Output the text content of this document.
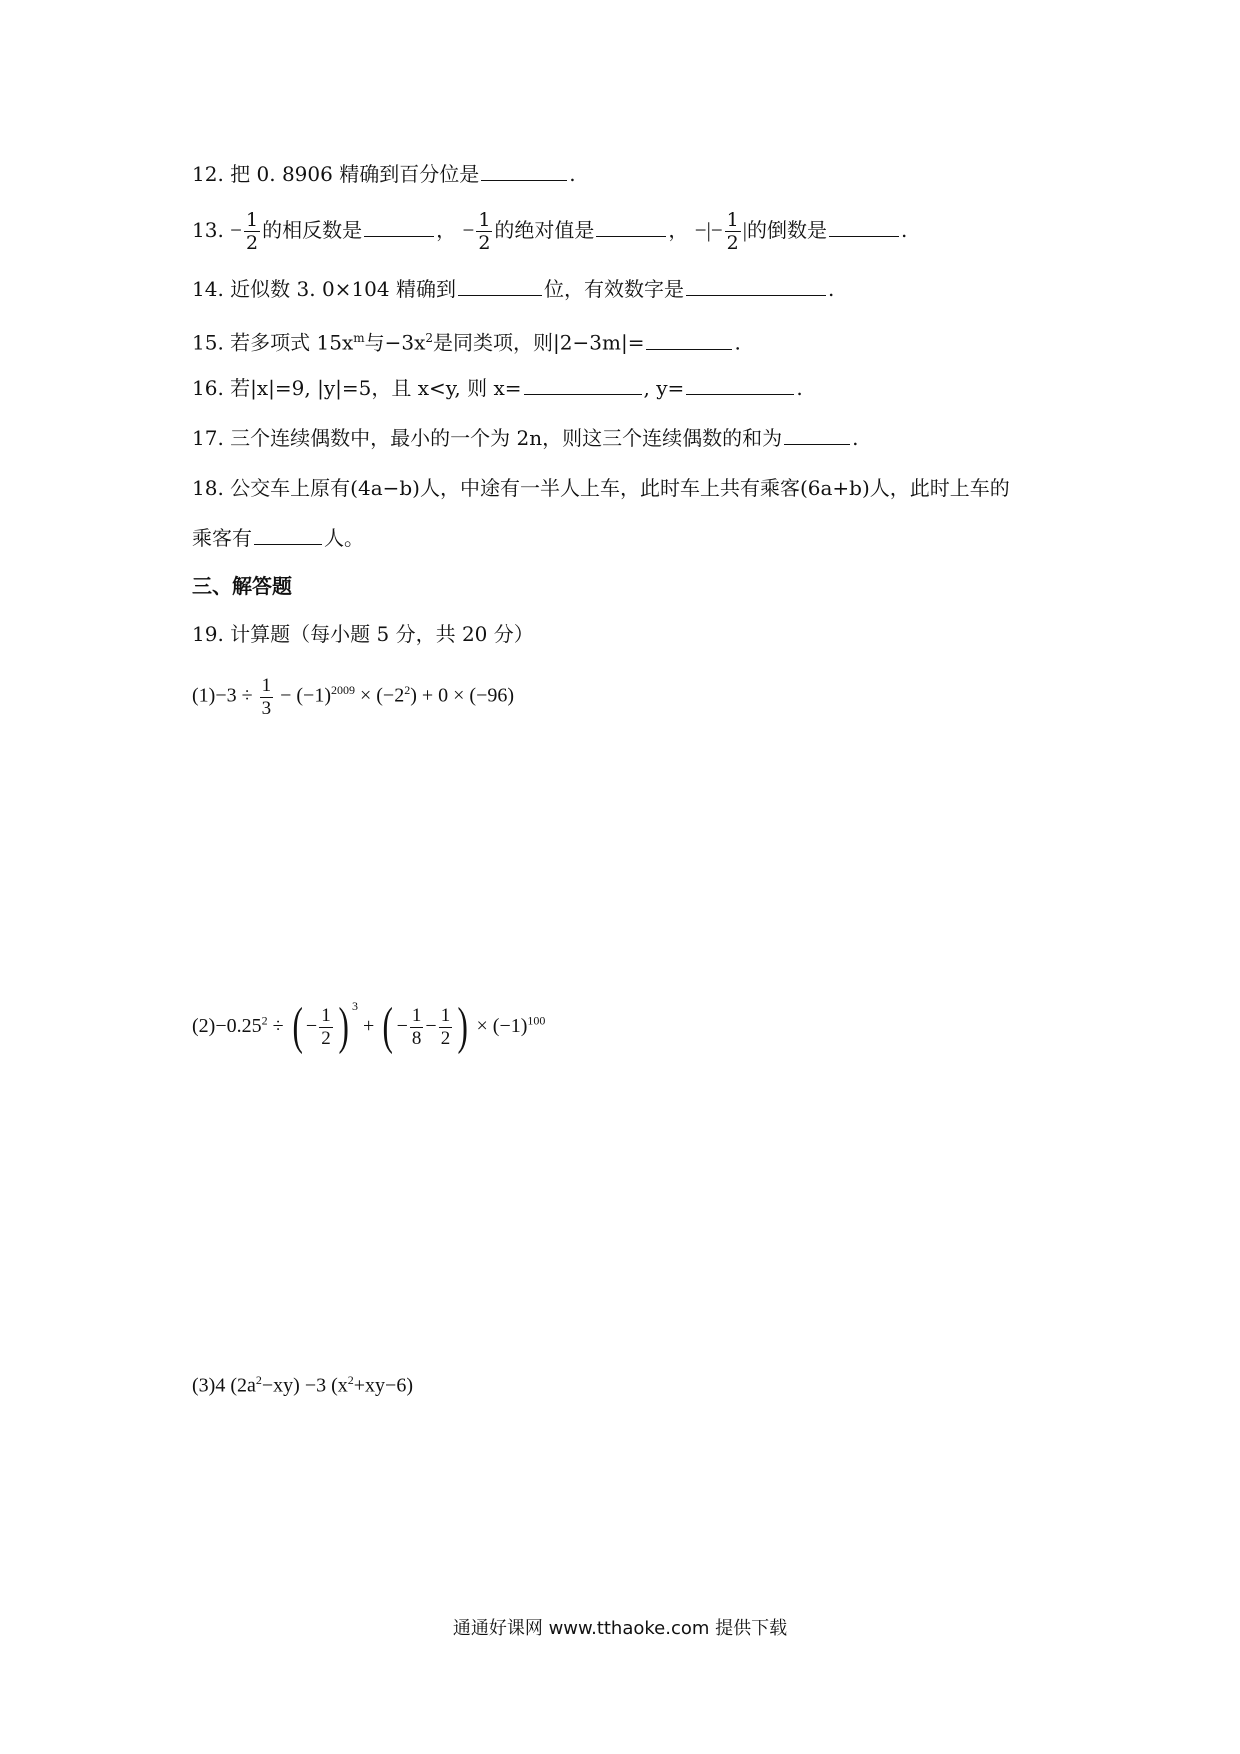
12. 把 0. 8906 精确到百分位是	.
13. − $\frac{1}{2}$ 的相反数是	， − $\frac{1}{2}$ 的绝对值是	， −|− $\frac{1}{2}$ |的倒数是	.
14. 近似数 3. 0×104 精确到	位，有效数字是	.
15. 若多项式 $15x^m$与$-3x^2$是同类项，则|2−3m|=	.
16. 若|x|=9, |y|=5，且 x<y, 则 x=	, y=	.
17. 三个连续偶数中，最小的一个为 2n，则这三个连续偶数的和为	.
18. 公交车上原有(4a−b)人，中途有一半人上车，此时车上共有乘客(6a+b)人，此时上车的
乘客有	人。
三、解答题
19. 计算题（每小题 5 分，共 20 分）
$(1)-3 \div \frac{1}{3} - (-1)^{2009} \times (-2^2) + 0 \times (-96)$
$(2)-0.25^2$ ÷ ( − $\frac{1}{2}$ ) $^3$ + ( − $\frac{1}{8} - \frac{1}{2}$ ) × $(-1)^{100}$
(3)4 $(2a^2-xy) -3$ $(x^2+xy-6)$
通通好课网 www.tthaoke.com 提供下载
